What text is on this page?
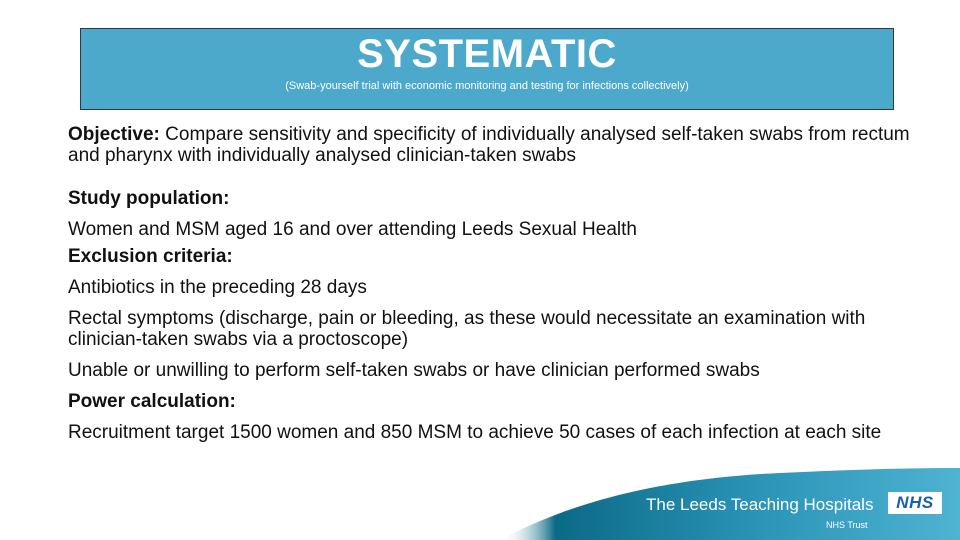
SYSTEMATIC
(Swab-yourself trial with economic monitoring and testing for infections collectively)

Objective: Compare sensitivity and specificity of individually analysed self-taken swabs from rectum and pharynx with individually analysed clinician-taken swabs

Study population:

Women and MSM aged 16 and over attending Leeds Sexual Health

Exclusion criteria:

Antibiotics in the preceding 28 days

Rectal symptoms (discharge, pain or bleeding, as these would necessitate an examination with clinician-taken swabs via a proctoscope)

Unable or unwilling to perform self-taken swabs or have clinician performed swabs

Power calculation:

Recruitment target 1500 women and 850 MSM to achieve 50 cases of each infection at each site

The Leeds Teaching Hospitals
NHS Trust
NHS
